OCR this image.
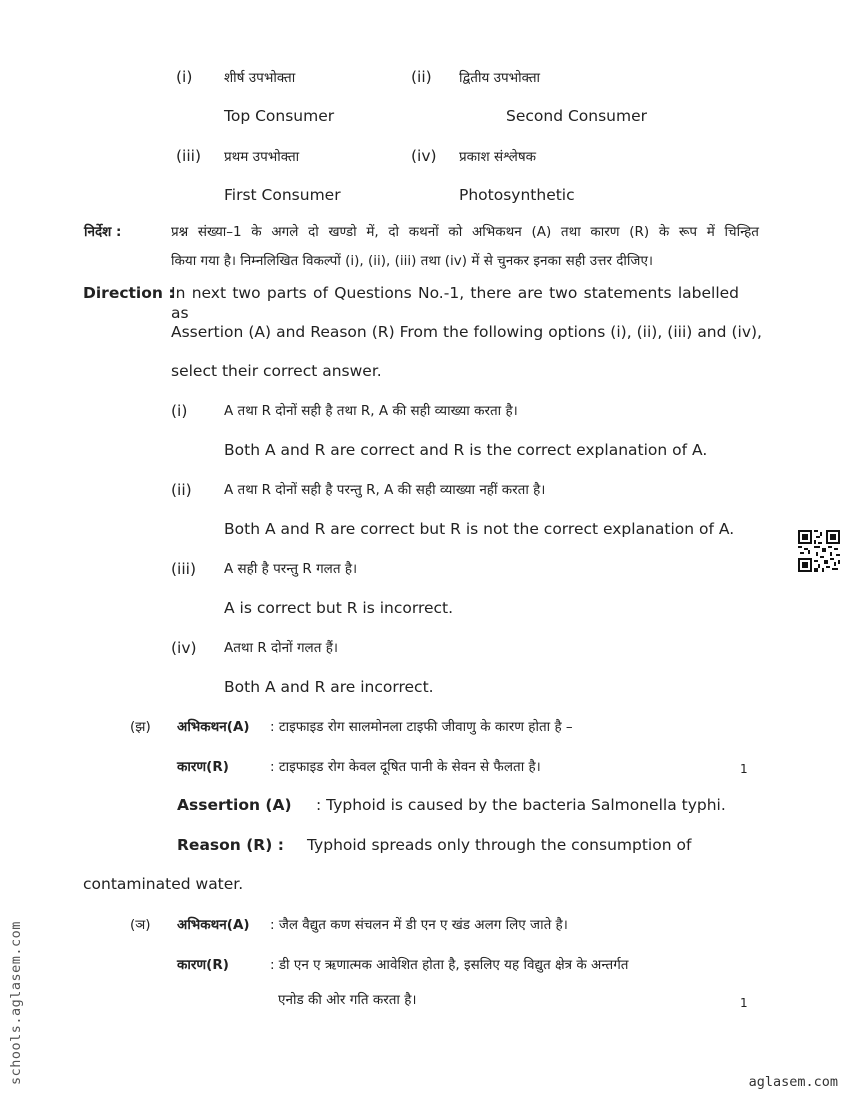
(i) शीर्ष उपभोक्ता	(ii) द्वितीय उपभोक्ता
Top Consumer	Second Consumer
(iii) प्रथम उपभोक्ता	(iv) प्रकाश संश्लेषक
First Consumer	Photosynthetic
निर्देश :	प्रश्न संख्या–1 के अगले दो खण्डो में, दो कथनों को अभिकथन (A) तथा कारण (R) के रूप में चिन्हित
किया गया है। निम्नलिखित विकल्पों (i), (ii), (iii) तथा (iv) में से चुनकर इनका सही उत्तर दीजिए।
Direction :
In next two parts of Questions No.-1, there are two statements labelled as
Assertion (A) and Reason (R) From the following options (i), (ii), (iii) and (iv),
select their correct answer.
(i)	A तथा R दोनों सही है तथा R, A की सही व्याख्या करता है।
Both A and R are correct and R is the correct explanation of A.
(ii) A तथा R दोनों सही है परन्तु R, A की सही व्याख्या नहीं करता है।
Both A and R are correct but R is not the correct explanation of A.
(iii) A सही है परन्तु R गलत है।
A is correct but R is incorrect.
(iv) Aतथा R दोनों गलत हैं।
Both A and R are incorrect.
(झ) अभिकथन(A) : टाइफाइड रोग सालमोनला टाइफी जीवाणु के कारण होता है –
कारण(R)	: टाइफाइड रोग केवल दूषित पानी के सेवन से फैलता है।	1
Assertion (A) : Typhoid is caused by the bacteria Salmonella typhi.
Reason (R) : Typhoid spreads only through the consumption of
contaminated water.
(ञ) अभिकथन(A) : जैल वैद्युत कण संचलन में डी एन ए खंड अलग लिए जाते है।
कारण(R)	: डी एन ए ऋणात्मक आवेशित होता है, इसलिए यह विद्युत क्षेत्र के अन्तर्गत
एनोड की ओर गति करता है।	1
schools.aglasem.com	aglasem.com
